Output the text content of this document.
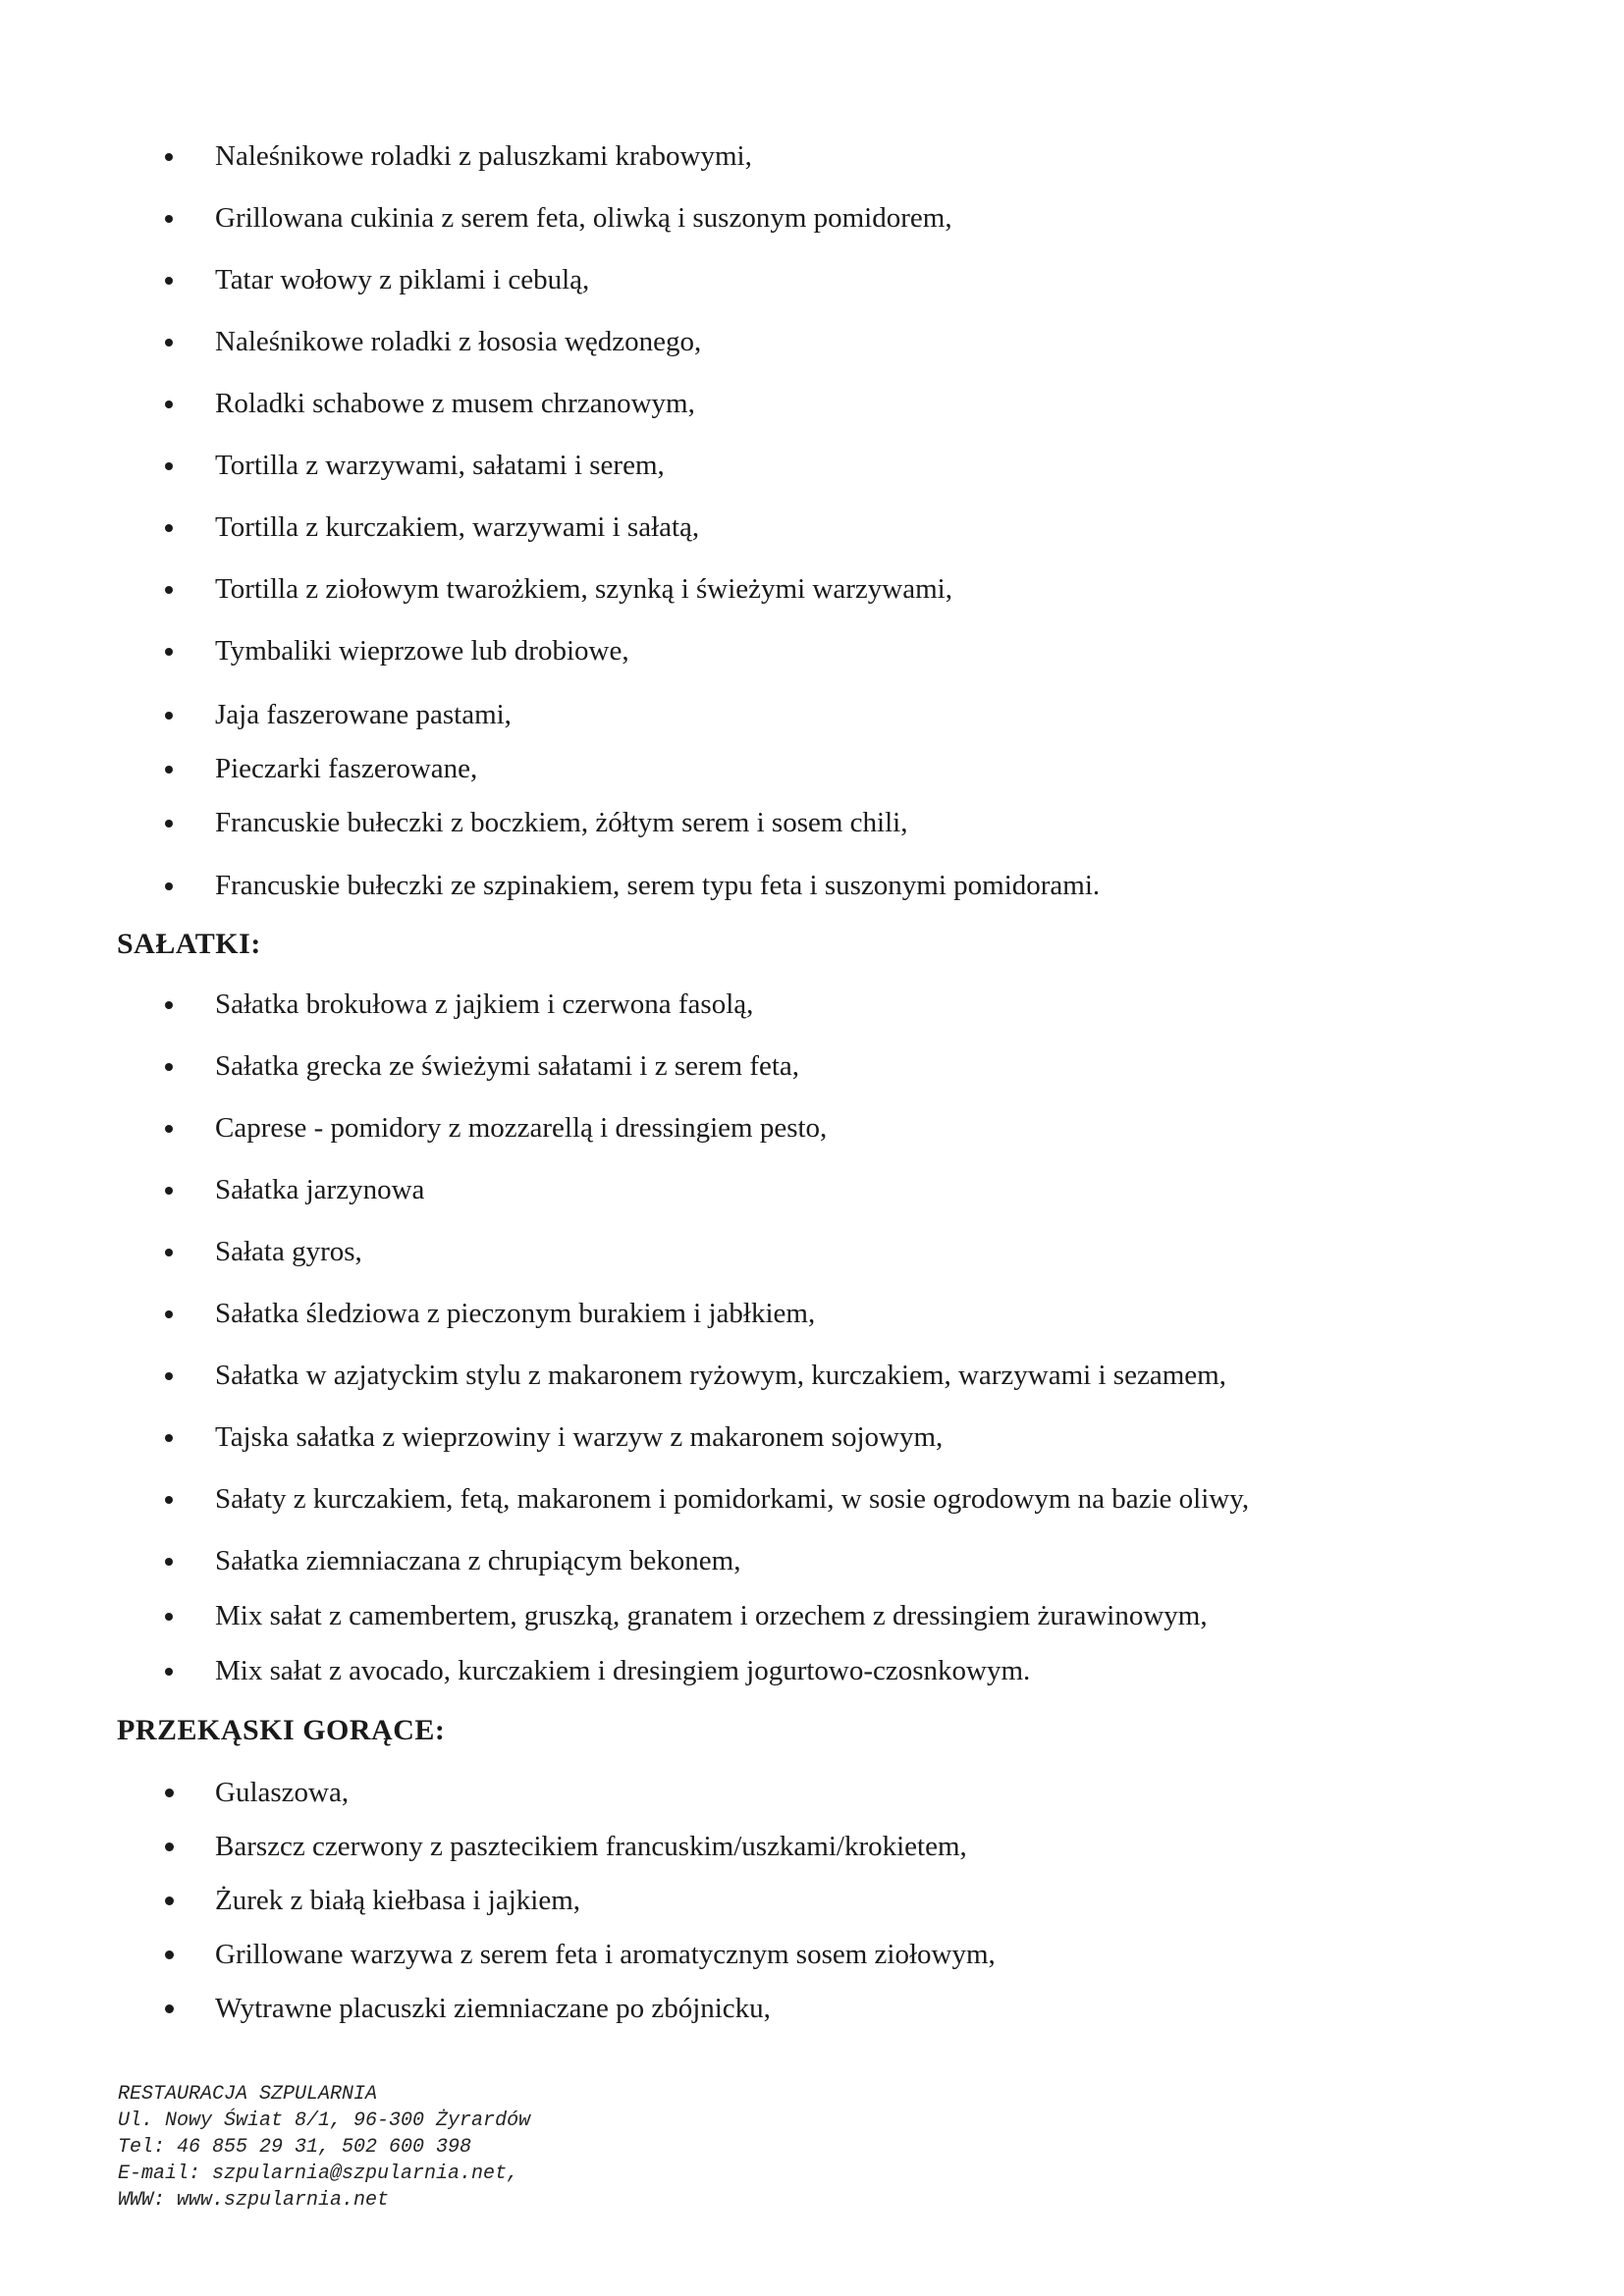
Naleśnikowe roladki z paluszkami krabowymi,
Grillowana cukinia z serem feta, oliwką i suszonym pomidorem,
Tatar wołowy z piklami i cebulą,
Naleśnikowe roladki z łososia wędzonego,
Roladki schabowe z musem chrzanowym,
Tortilla z warzywami, sałatami i serem,
Tortilla z kurczakiem, warzywami i sałatą,
Tortilla z ziołowym twarożkiem, szynką i świeżymi warzywami,
Tymbaliki wieprzowe lub drobiowe,
Jaja faszerowane pastami,
Pieczarki faszerowane,
Francuskie bułeczki z boczkiem, żółtym serem i sosem chili,
Francuskie bułeczki ze szpinakiem, serem typu feta i suszonymi pomidorami.
SAŁATKI:
Sałatka brokułowa z jajkiem i czerwona fasolą,
Sałatka grecka ze świeżymi sałatami i z serem feta,
Caprese - pomidory z mozzarellą i dressingiem pesto,
Sałatka jarzynowa
Sałata gyros,
Sałatka śledziowa z pieczonym burakiem i jabłkiem,
Sałatka w azjatyckim stylu z makaronem ryżowym, kurczakiem, warzywami i sezamem,
Tajska sałatka z wieprzowiny i warzyw z makaronem sojowym,
Sałaty z kurczakiem, fetą, makaronem i pomidorkami, w sosie ogrodowym na bazie oliwy,
Sałatka ziemniaczana z chrupiącym bekonem,
Mix sałat z camembertem, gruszką, granatem i orzechem z dressingiem żurawinowym,
Mix sałat z avocado, kurczakiem i dresingiem jogurtowo-czosnkowym.
PRZEKĄSKI GORĄCE:
Gulaszowa,
Barszcz czerwony z pasztecikiem francuskim/uszkami/krokietem,
Żurek z białą kiełbasa i jajkiem,
Grillowane warzywa z serem feta i aromatycznym sosem ziołowym,
Wytrawne placuszki ziemniaczane po zbójnicku,
RESTAURACJA SZPULARNIA
Ul. Nowy Świat 8/1, 96-300 Żyrardów
Tel: 46 855 29 31, 502 600 398
E-mail: szpularnia@szpularnia.net,
WWW: www.szpularnia.net
